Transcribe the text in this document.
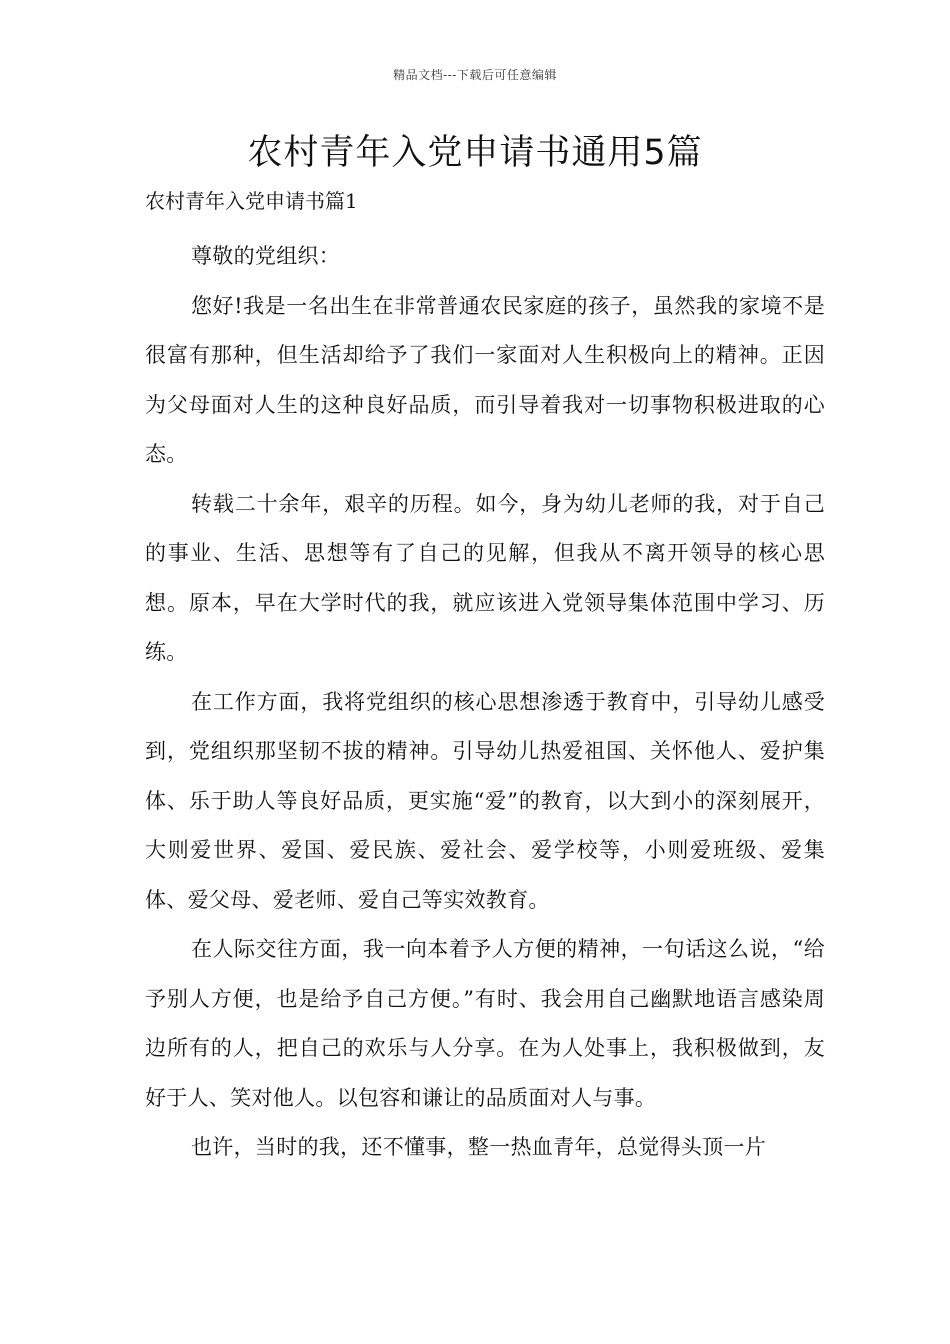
精品文档---下载后可任意编辑
农村青年入党申请书通用5篇
农村青年入党申请书篇1

尊敬的党组织：

您好!我是一名出生在非常普通农民家庭的孩子，虽然我的家境不是很富有那种，但生活却给予了我们一家面对人生积极向上的精神。正因为父母面对人生的这种良好品质，而引导着我对一切事物积极进取的心态。

转载二十余年，艰辛的历程。如今，身为幼儿老师的我，对于自己的事业、生活、思想等有了自己的见解，但我从不离开领导的核心思想。原本，早在大学时代的我，就应该进入党领导集体范围中学习、历练。

在工作方面，我将党组织的核心思想渗透于教育中，引导幼儿感受到，党组织那坚韧不拔的精神。引导幼儿热爱祖国、关怀他人、爱护集体、乐于助人等良好品质，更实施“爱”的教育，以大到小的深刻展开，大则爱世界、爱国、爱民族、爱社会、爱学校等，小则爱班级、爱集体、爱父母、爱老师、爱自己等实效教育。

在人际交往方面，我一向本着予人方便的精神，一句话这么说，“给予别人方便，也是给予自己方便。”有时、我会用自己幽默地语言感染周边所有的人，把自己的欢乐与人分享。在为人处事上，我积极做到，友好于人、笑对他人。以包容和谦让的品质面对人与事。

也许，当时的我，还不懂事，整一热血青年，总觉得头顶一片
